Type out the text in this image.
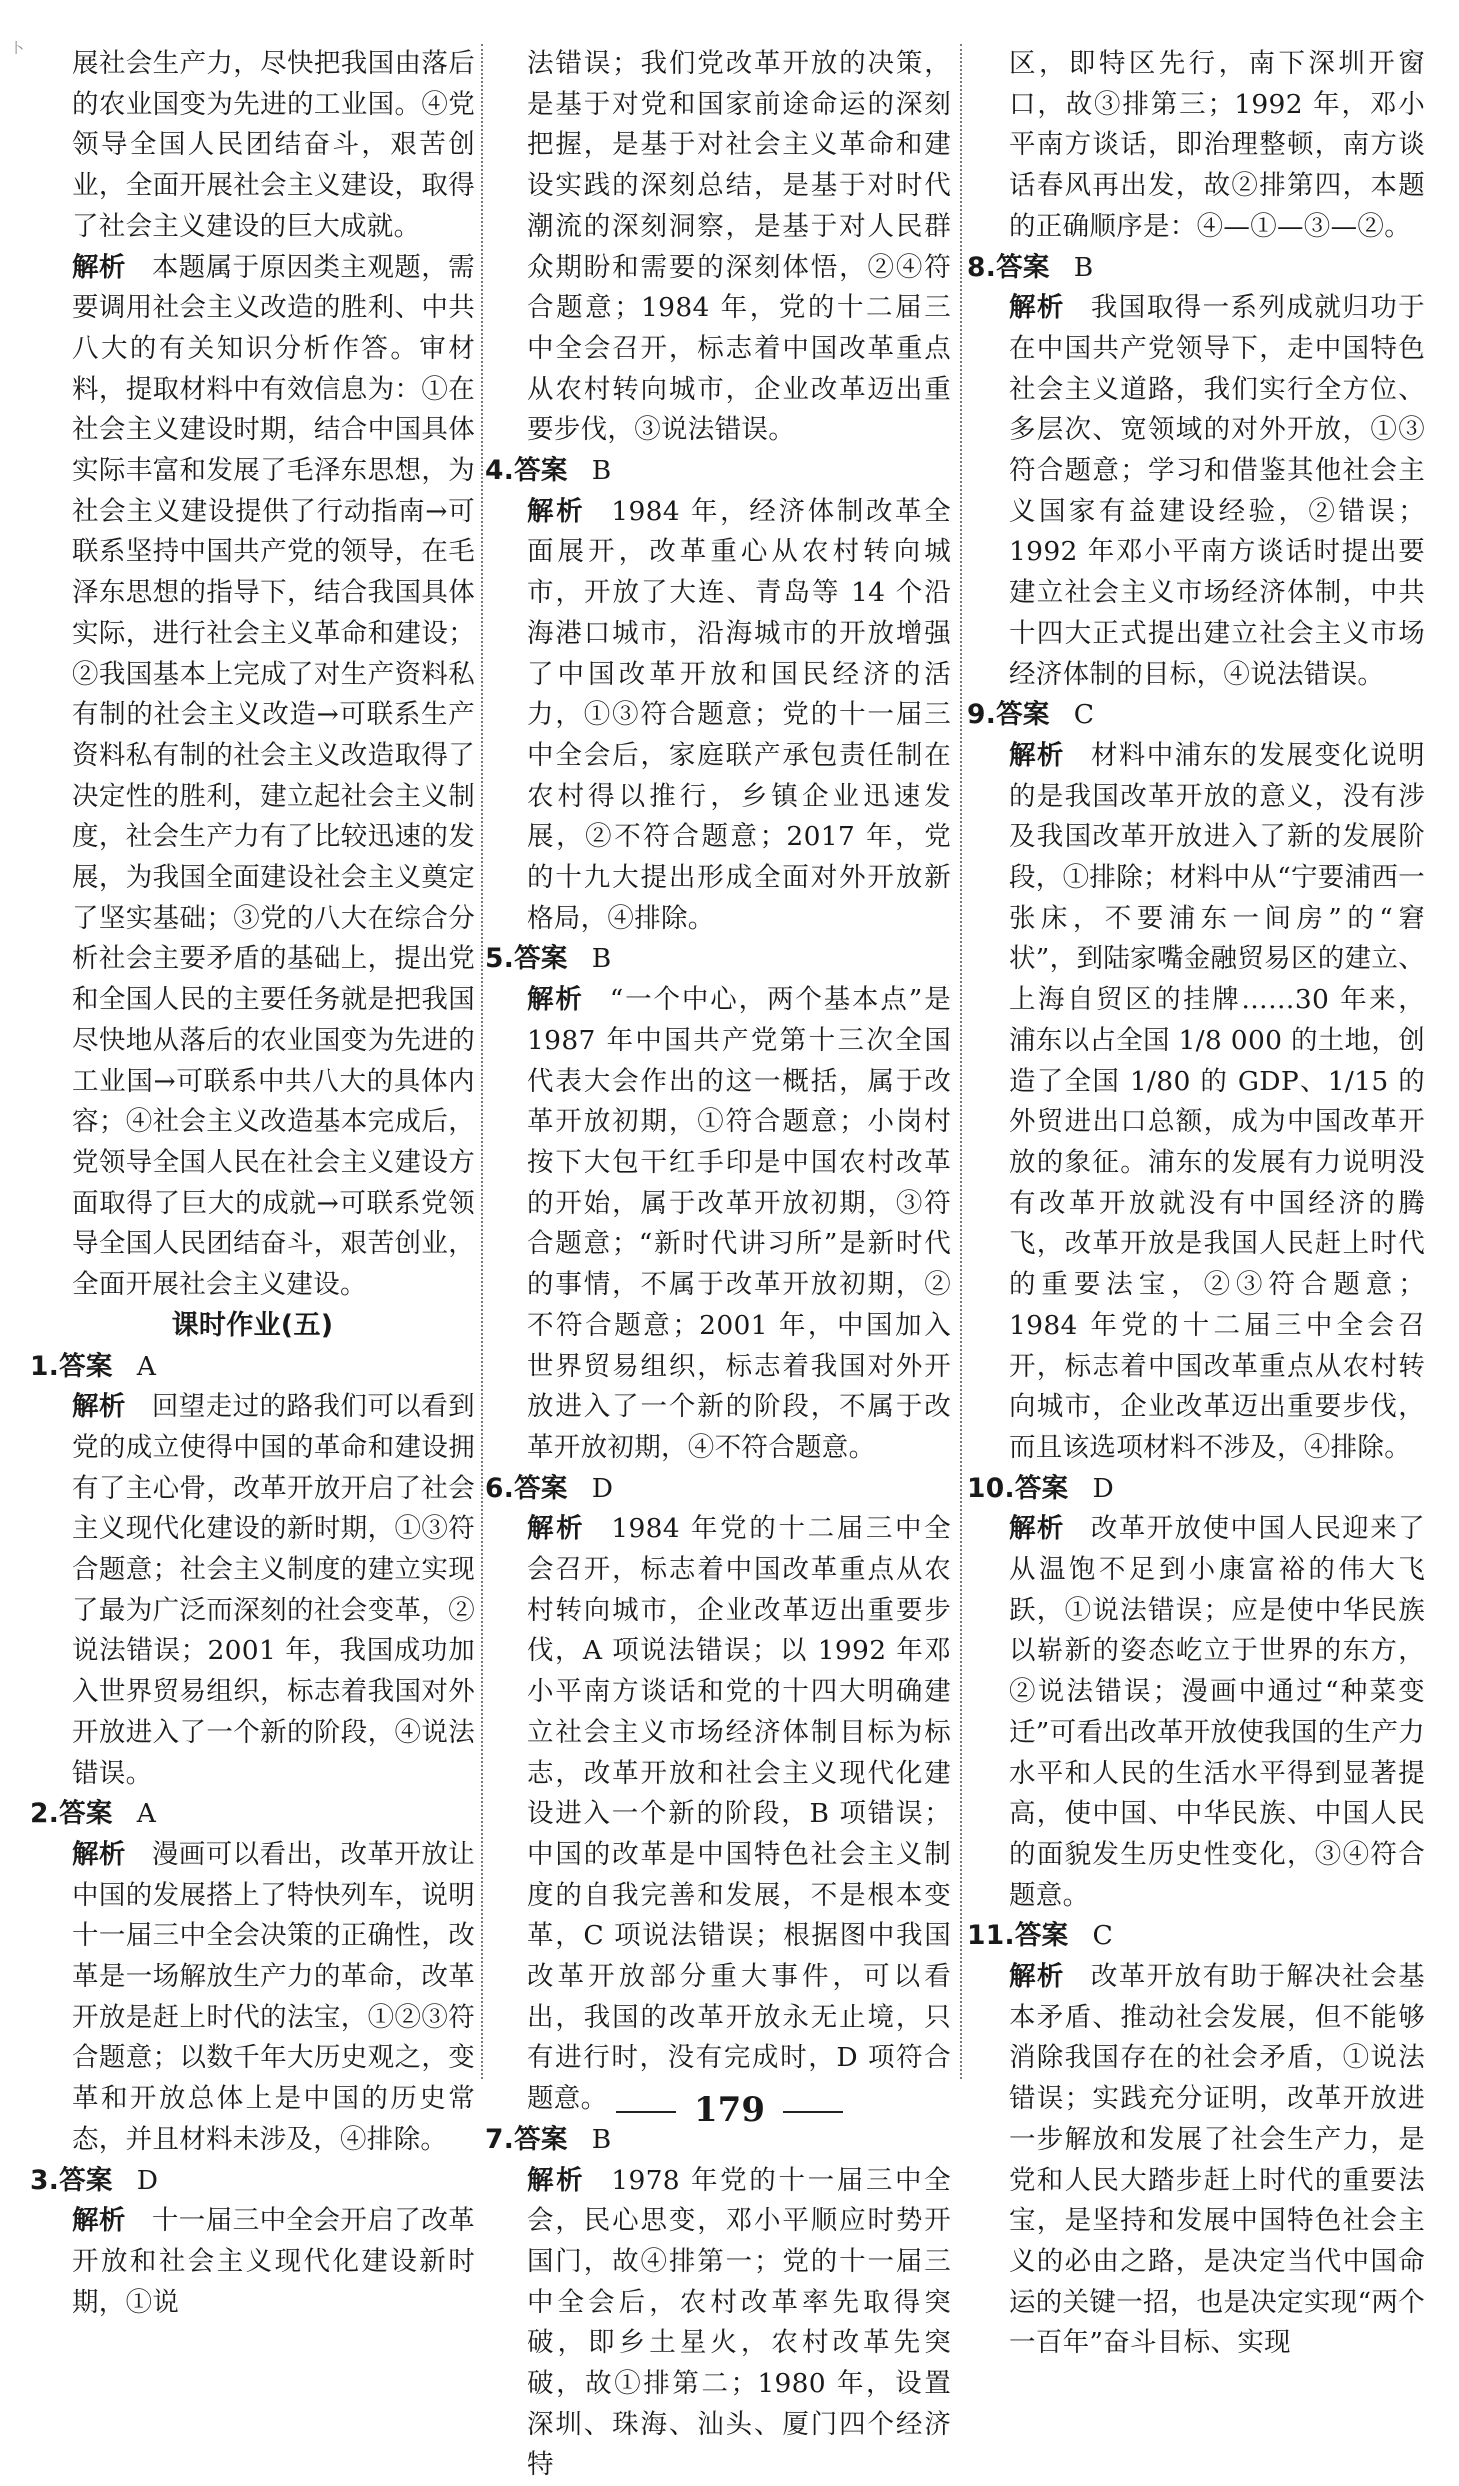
卜	展社会生产力，尽快把我国由落后的农业国变为先进的工业国。④党领导全国人民团结奋斗，艰苦创业，全面开展社会主义建设，取得了社会主义建设的巨大成就。

解析 本题属于原因类主观题，需要调用社会主义改造的胜利、中共八大的有关知识分析作答。审材料，提取材料中有效信息为：①在社会主义建设时期，结合中国具体实际丰富和发展了毛泽东思想，为社会主义建设提供了行动指南→可联系坚持中国共产党的领导，在毛泽东思想的指导下，结合我国具体实际，进行社会主义革命和建设；②我国基本上完成了对生产资料私有制的社会主义改造→可联系生产资料私有制的社会主义改造取得了决定性的胜利，建立起社会主义制度，社会生产力有了比较迅速的发展，为我国全面建设社会主义奠定了坚实基础；③党的八大在综合分析社会主要矛盾的基础上，提出党和全国人民的主要任务就是把我国尽快地从落后的农业国变为先进的工业国→可联系中共八大的具体内容；④社会主义改造基本完成后，党领导全国人民在社会主义建设方面取得了巨大的成就→可联系党领导全国人民团结奋斗，艰苦创业，全面开展社会主义建设。

课时作业(五)

1.答案 A

解析 回望走过的路我们可以看到党的成立使得中国的革命和建设拥有了主心骨，改革开放开启了社会主义现代化建设的新时期，①③符合题意；社会主义制度的建立实现了最为广泛而深刻的社会变革，②说法错误；2001 年，我国成功加入世界贸易组织，标志着我国对外开放进入了一个新的阶段，④说法错误。

2.答案 A

解析 漫画可以看出，改革开放让中国的发展搭上了特快列车，说明十一届三中全会决策的正确性，改革是一场解放生产力的革命，改革开放是赶上时代的法宝，①②③符合题意；以数千年大历史观之，变革和开放总体上是中国的历史常态，并且材料未涉及，④排除。

3.答案 D

解析 十一届三中全会开启了改革开放和社会主义现代化建设新时期，①说

法错误；我们党改革开放的决策，是基于对党和国家前途命运的深刻把握，是基于对社会主义革命和建设实践的深刻总结，是基于对时代潮流的深刻洞察，是基于对人民群众期盼和需要的深刻体悟，②④符合题意；1984 年，党的十二届三中全会召开，标志着中国改革重点从农村转向城市，企业改革迈出重要步伐，③说法错误。

4.答案 B

解析 1984 年，经济体制改革全面展开，改革重心从农村转向城市，开放了大连、青岛等 14 个沿海港口城市，沿海城市的开放增强了中国改革开放和国民经济的活力，①③符合题意；党的十一届三中全会后，家庭联产承包责任制在农村得以推行，乡镇企业迅速发展，②不符合题意；2017 年，党的十九大提出形成全面对外开放新格局，④排除。

5.答案 B

解析 “一个中心，两个基本点”是 1987 年中国共产党第十三次全国代表大会作出的这一概括，属于改革开放初期，①符合题意；小岗村按下大包干红手印是中国农村改革的开始，属于改革开放初期，③符合题意；“新时代讲习所”是新时代的事情，不属于改革开放初期，②不符合题意；2001 年，中国加入世界贸易组织，标志着我国对外开放进入了一个新的阶段，不属于改革开放初期，④不符合题意。

6.答案 D

解析 1984 年党的十二届三中全会召开，标志着中国改革重点从农村转向城市，企业改革迈出重要步伐，A 项说法错误；以 1992 年邓小平南方谈话和党的十四大明确建立社会主义市场经济体制目标为标志，改革开放和社会主义现代化建设进入一个新的阶段，B 项错误；中国的改革是中国特色社会主义制度的自我完善和发展，不是根本变革，C 项说法错误；根据图中我国改革开放部分重大事件，可以看出，我国的改革开放永无止境，只有进行时，没有完成时，D 项符合题意。

7.答案 B

解析 1978 年党的十一届三中全会，民心思变，邓小平顺应时势开国门，故④排第一；党的十一届三中全会后，农村改革率先取得突破，即乡土星火，农村改革先突破，故①排第二；1980 年，设置深圳、珠海、汕头、厦门四个经济特

区，即特区先行，南下深圳开窗口，故③排第三；1992 年，邓小平南方谈话，即治理整顿，南方谈话春风再出发，故②排第四，本题的正确顺序是：④—①—③—②。

8.答案 B

解析 我国取得一系列成就归功于在中国共产党领导下，走中国特色社会主义道路，我们实行全方位、多层次、宽领域的对外开放，①③符合题意；学习和借鉴其他社会主义国家有益建设经验，②错误；1992 年邓小平南方谈话时提出要建立社会主义市场经济体制，中共十四大正式提出建立社会主义市场经济体制的目标，④说法错误。

9.答案 C

解析 材料中浦东的发展变化说明的是我国改革开放的意义，没有涉及我国改革开放进入了新的发展阶段，①排除；材料中从“宁要浦西一张床，不要浦东一间房”的“窘状”，到陆家嘴金融贸易区的建立、上海自贸区的挂牌……30 年来，浦东以占全国 1/8 000 的土地，创造了全国 1/80 的 GDP、1/15 的外贸进出口总额，成为中国改革开放的象征。浦东的发展有力说明没有改革开放就没有中国经济的腾飞，改革开放是我国人民赶上时代的重要法宝，②③符合题意；1984 年党的十二届三中全会召开，标志着中国改革重点从农村转向城市，企业改革迈出重要步伐，而且该选项材料不涉及，④排除。

10.答案 D

解析 改革开放使中国人民迎来了从温饱不足到小康富裕的伟大飞跃，①说法错误；应是使中华民族以崭新的姿态屹立于世界的东方，②说法错误；漫画中通过“种菜变迁”可看出改革开放使我国的生产力水平和人民的生活水平得到显著提高，使中国、中华民族、中国人民的面貌发生历史性变化，③④符合题意。

11.答案 C

解析 改革开放有助于解决社会基本矛盾、推动社会发展，但不能够消除我国存在的社会矛盾，①说法错误；实践充分证明，改革开放进一步解放和发展了社会生产力，是党和人民大踏步赶上时代的重要法宝，是坚持和发展中国特色社会主义的必由之路，是决定当代中国命运的关键一招，也是决定实现“两个一百年”奋斗目标、实现

179
